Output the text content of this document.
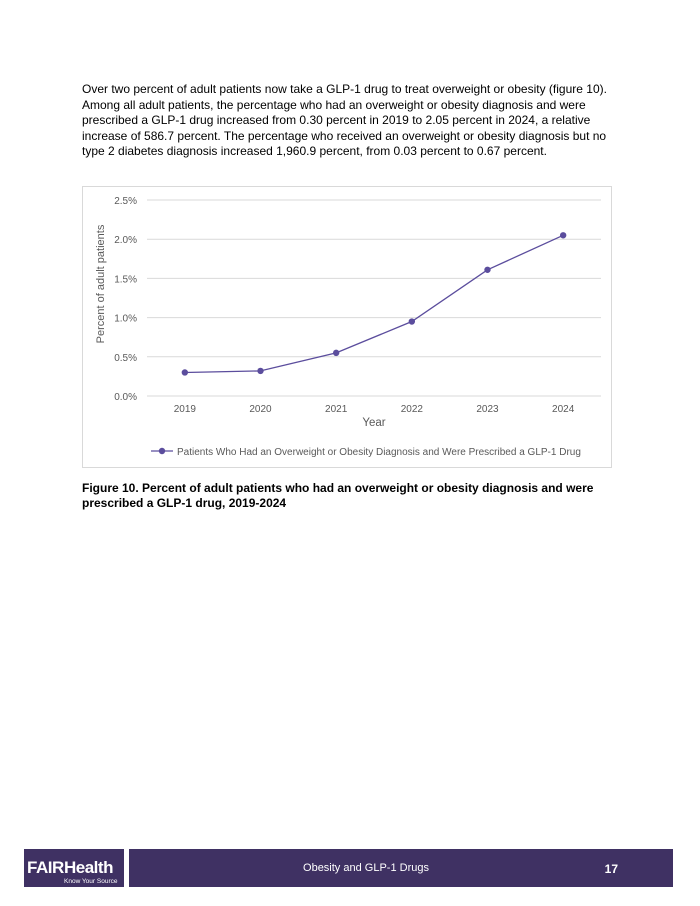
Over two percent of adult patients now take a GLP-1 drug to treat overweight or obesity (figure 10). Among all adult patients, the percentage who had an overweight or obesity diagnosis and were prescribed a GLP-1 drug increased from 0.30 percent in 2019 to 2.05 percent in 2024, a relative increase of 586.7 percent. The percentage who received an overweight or obesity diagnosis but no type 2 diabetes diagnosis increased 1,960.9 percent, from 0.03 percent to 0.67 percent.

0.0%
0.5%
1.0%
1.5%
2.0%
2.5%
2019	2020	2021	2022	2023	2024
Year
Percent of adult patients
Patients Who Had an Overweight or Obesity Diagnosis and Were Prescribed a GLP-1 Drug

Figure 10. Percent of adult patients who had an overweight or obesity diagnosis and were prescribed a GLP-1 drug, 2019-2024

FAIR Health
Know Your Source
Obesity and GLP-1 Drugs	17
